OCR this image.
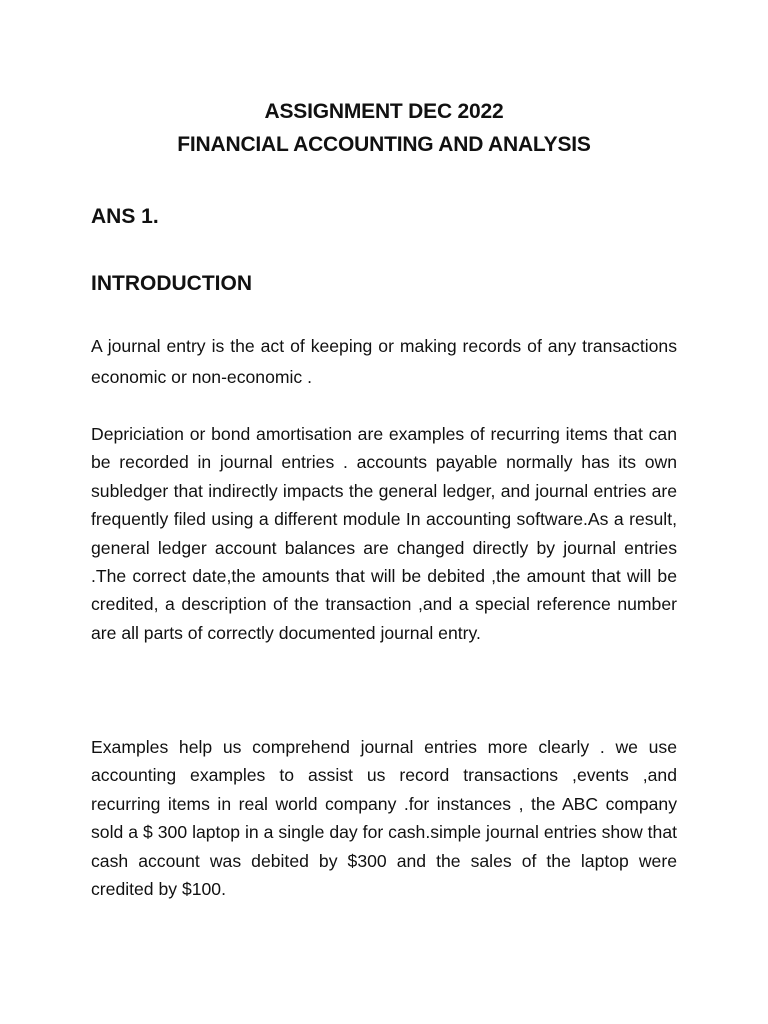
ASSIGNMENT DEC 2022
FINANCIAL ACCOUNTING AND ANALYSIS
ANS 1.
INTRODUCTION

A journal entry is the act of keeping or making records of any transactions economic or non-economic .

Depriciation or bond amortisation are examples of recurring items that can be recorded in journal entries . accounts payable normally has its own subledger that indirectly impacts the general ledger, and journal entries are frequently filed using a different module In accounting software.As a result, general ledger account balances are changed directly by journal entries .The correct date,the amounts that will be debited ,the amount that will be credited, a description of the transaction ,and a special reference number are all parts of correctly documented journal entry.

Examples help us comprehend journal entries more clearly . we use accounting examples to assist us record transactions ,events ,and recurring items in real world company .for instances , the ABC company sold a $ 300 laptop in a single day for cash.simple journal entries show that cash account was debited by $300 and the sales of the laptop were credited by $100.
